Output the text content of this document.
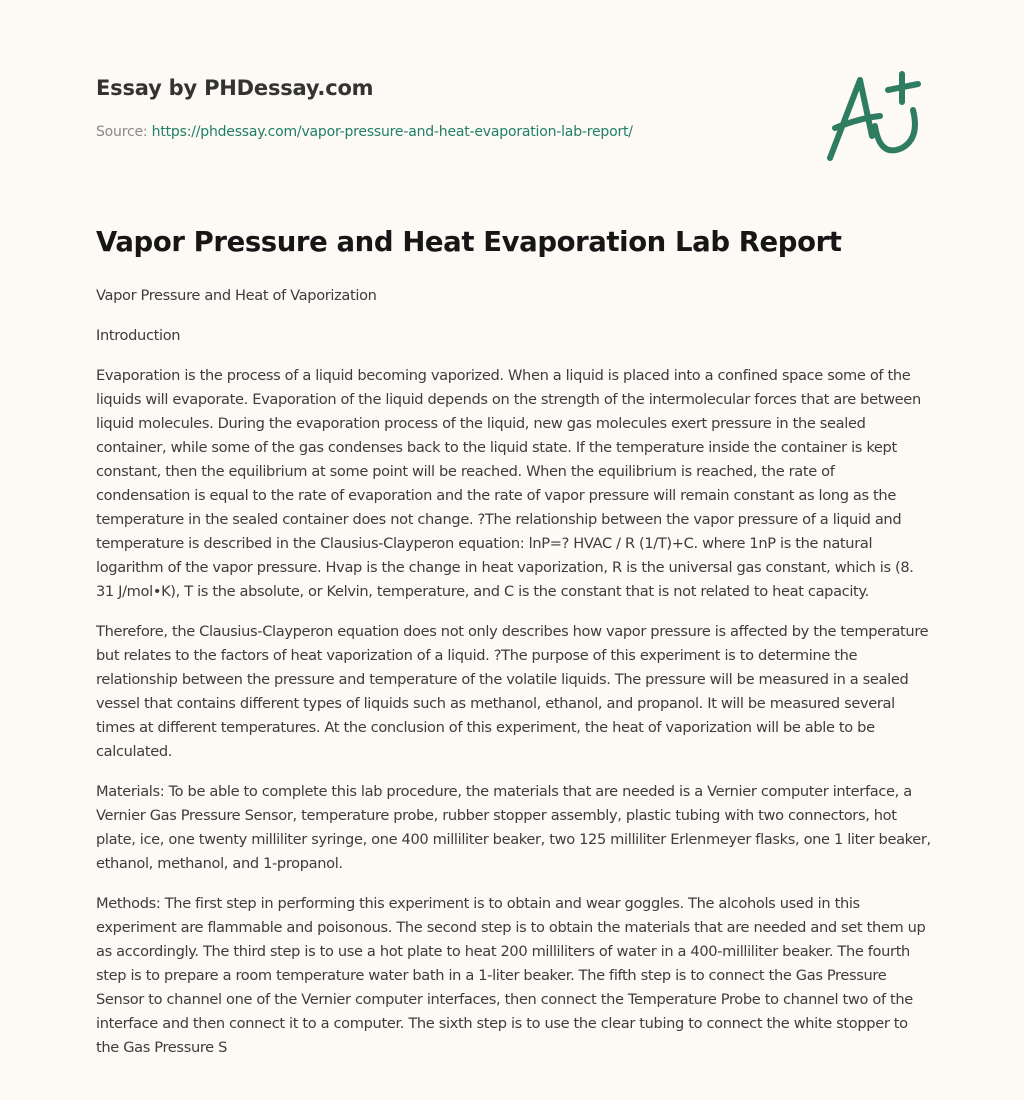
Essay by PHDessay.com
Source: https://phdessay.com/vapor-pressure-and-heat-evaporation-lab-report/
Vapor Pressure and Heat Evaporation Lab Report

Vapor Pressure and Heat of Vaporization

Introduction

Evaporation is the process of a liquid becoming vaporized. When a liquid is placed into a confined space some of the liquids will evaporate. Evaporation of the liquid depends on the strength of the intermolecular forces that are between liquid molecules. During the evaporation process of the liquid, new gas molecules exert pressure in the sealed container, while some of the gas condenses back to the liquid state. If the temperature inside the container is kept constant, then the equilibrium at some point will be reached. When the equilibrium is reached, the rate of condensation is equal to the rate of evaporation and the rate of vapor pressure will remain constant as long as the temperature in the sealed container does not change. ?The relationship between the vapor pressure of a liquid and temperature is described in the Clausius-Clayperon equation: lnP=? HVAC / R (1/T)+C. where 1nP is the natural logarithm of the vapor pressure. Hvap is the change in heat vaporization, R is the universal gas constant, which is (8. 31 J/mol•K), T is the absolute, or Kelvin, temperature, and C is the constant that is not related to heat capacity.

Therefore, the Clausius-Clayperon equation does not only describes how vapor pressure is affected by the temperature but relates to the factors of heat vaporization of a liquid. ?The purpose of this experiment is to determine the relationship between the pressure and temperature of the volatile liquids. The pressure will be measured in a sealed vessel that contains different types of liquids such as methanol, ethanol, and propanol. It will be measured several times at different temperatures. At the conclusion of this experiment, the heat of vaporization will be able to be calculated.

Materials: To be able to complete this lab procedure, the materials that are needed is a Vernier computer interface, a Vernier Gas Pressure Sensor, temperature probe, rubber stopper assembly, plastic tubing with two connectors, hot plate, ice, one twenty milliliter syringe, one 400 milliliter beaker, two 125 milliliter Erlenmeyer flasks, one 1 liter beaker, ethanol, methanol, and 1-propanol.

Methods: The first step in performing this experiment is to obtain and wear goggles. The alcohols used in this experiment are flammable and poisonous. The second step is to obtain the materials that are needed and set them up as accordingly. The third step is to use a hot plate to heat 200 milliliters of water in a 400-milliliter beaker. The fourth step is to prepare a room temperature water bath in a 1-liter beaker. The fifth step is to connect the Gas Pressure Sensor to channel one of the Vernier computer interfaces, then connect the Temperature Probe to channel two of the interface and then connect it to a computer. The sixth step is to use the clear tubing to connect the white stopper to the Gas Pressure S
